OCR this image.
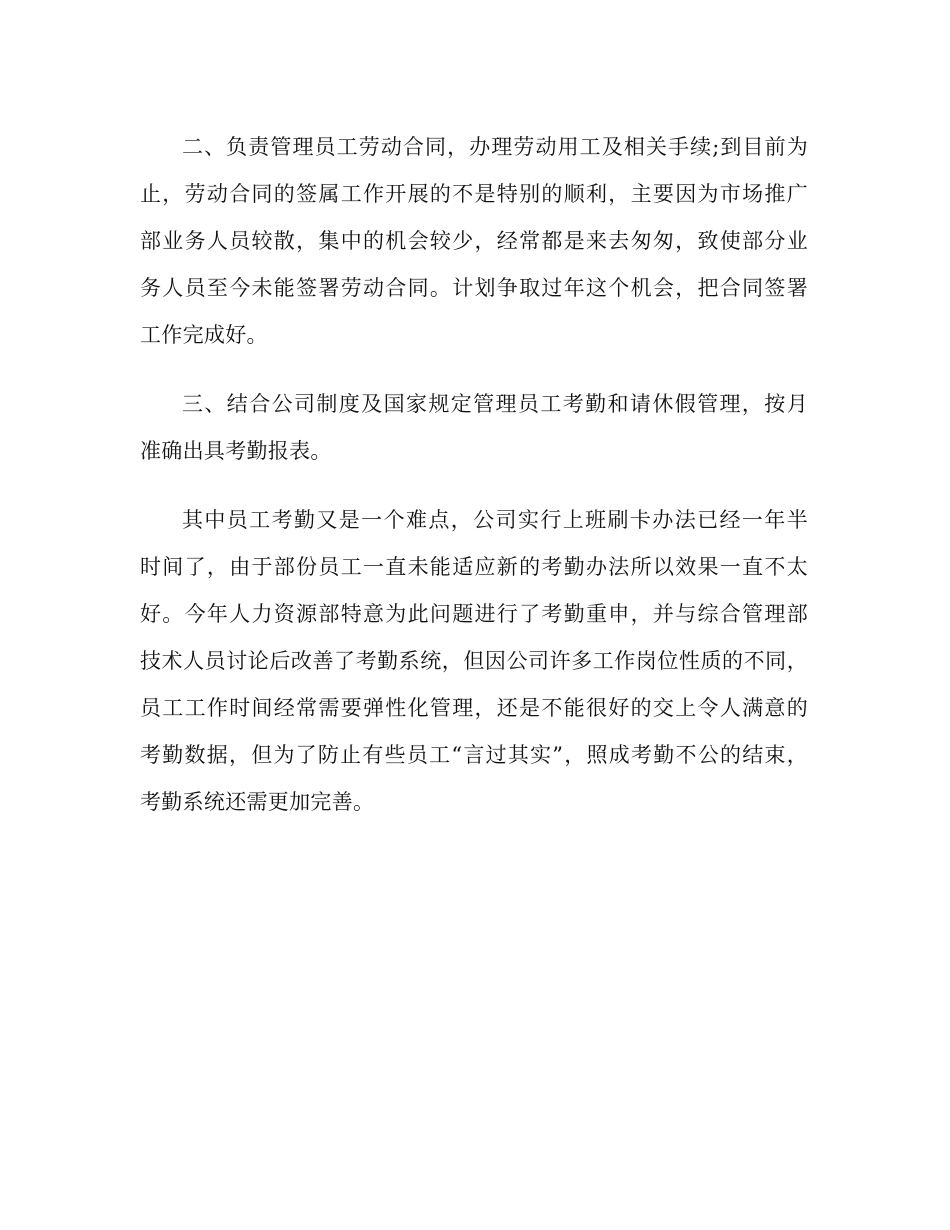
二、负责管理员工劳动合同，办理劳动用工及相关手续;到目前为
止，劳动合同的签属工作开展的不是特别的顺利，主要因为市场推广
部业务人员较散，集中的机会较少，经常都是来去匆匆，致使部分业
务人员至今未能签署劳动合同。计划争取过年这个机会，把合同签署
工作完成好。
三、结合公司制度及国家规定管理员工考勤和请休假管理，按月
准确出具考勤报表。
其中员工考勤又是一个难点，公司实行上班刷卡办法已经一年半
时间了，由于部份员工一直未能适应新的考勤办法所以效果一直不太
好。今年人力资源部特意为此问题进行了考勤重申，并与综合管理部
技术人员讨论后改善了考勤系统，但因公司许多工作岗位性质的不同，
员工工作时间经常需要弹性化管理，还是不能很好的交上令人满意的
考勤数据，但为了防止有些员工“言过其实”，照成考勤不公的结束，
考勤系统还需更加完善。
